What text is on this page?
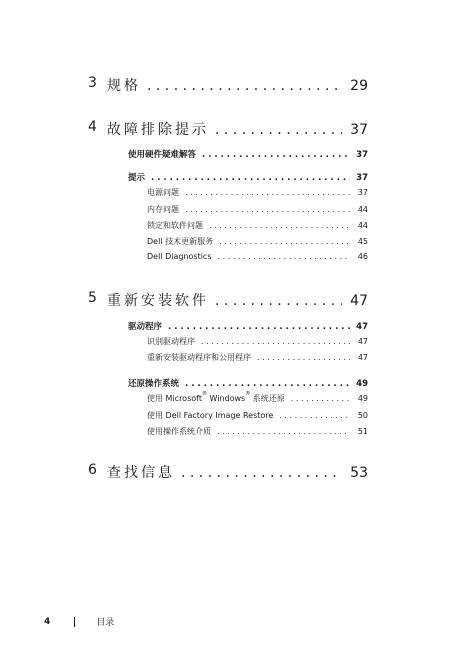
3 规格 . . .	29
4 故障排除提示 . . .	37
使用硬件疑难解答 . . .	37
提示 . . .	37
电源问题 . . .	37
内存问题 . . .	44
锁定和软件问题 . . .	44
Dell 技术更新服务 . . .	45
Dell Diagnostics . . .	46
5 重新安装软件 . . .	47
驱动程序 . . .	47
识别驱动程序 . . .	47
重新安装驱动程序和公用程序 . . .	47
还原操作系统 . . .	49
使用 Microsoft® Windows® 系统还原 . . .	49
使用 Dell Factory Image Restore . . .	50
使用操作系统介质 . . .	51
6 查找信息 . . .	53
4	目录
